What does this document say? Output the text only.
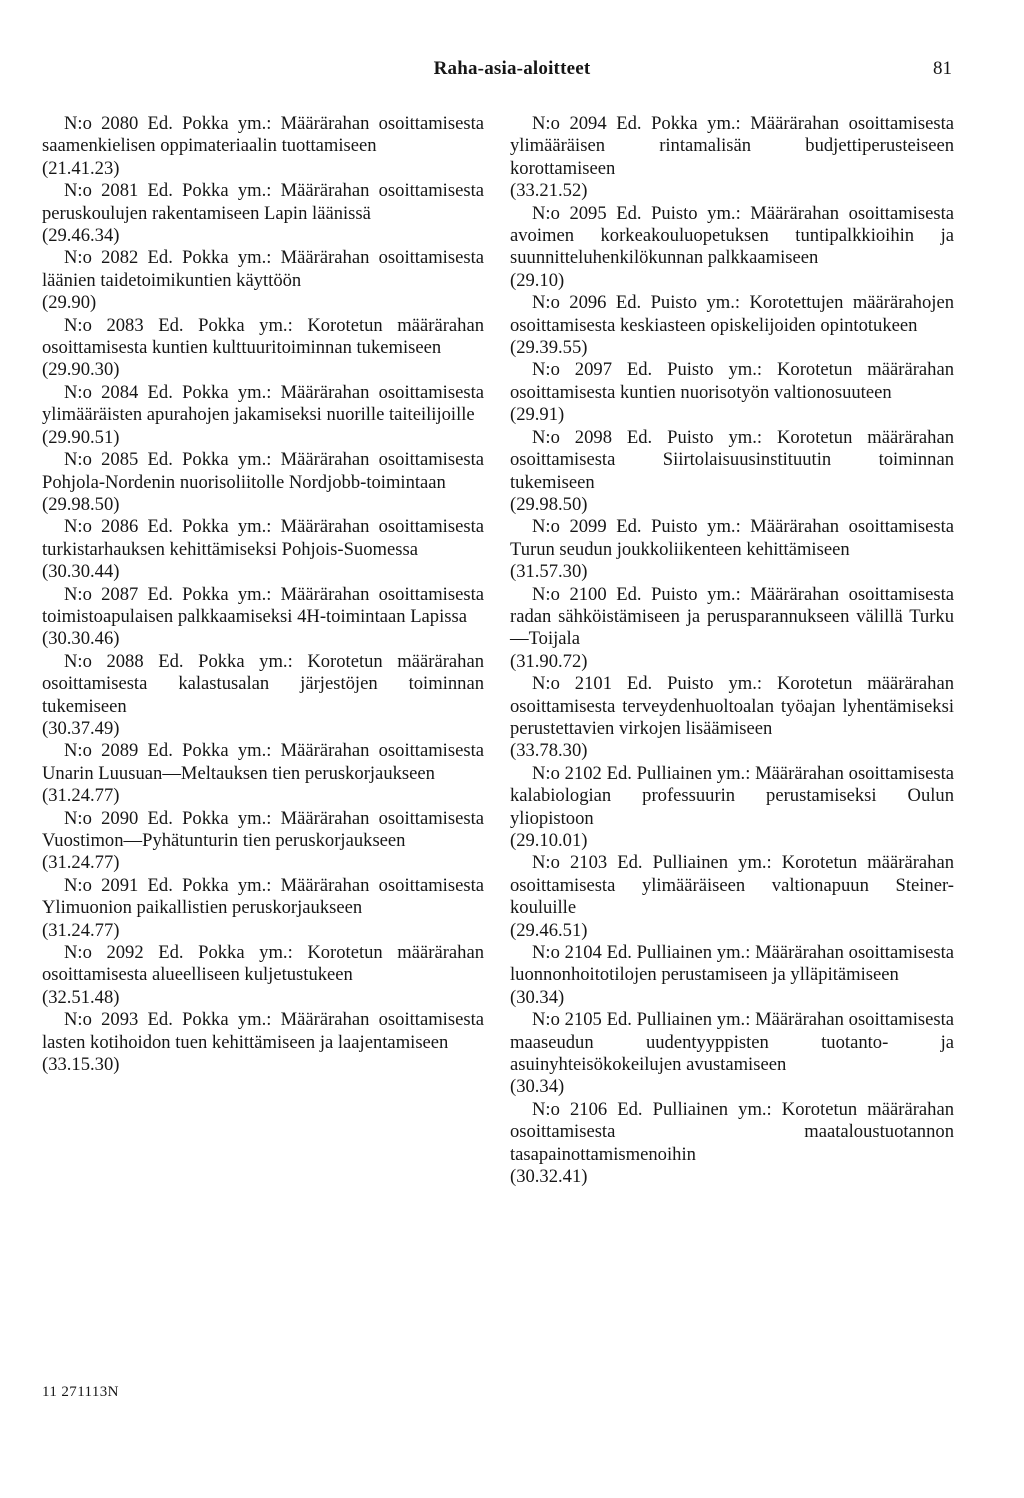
Raha-asia-aloitteet	81

N:o 2080 Ed. Pokka ym.: Määrärahan osoittamisesta saamenkielisen oppimateriaalin tuottamiseen

(21.41.23)

N:o 2081 Ed. Pokka ym.: Määrärahan osoittamisesta peruskoulujen rakentamiseen Lapin läänissä

(29.46.34)

N:o 2082 Ed. Pokka ym.: Määrärahan osoittamisesta läänien taidetoimikuntien käyttöön

(29.90)

N:o 2083 Ed. Pokka ym.: Korotetun määrärahan osoittamisesta kuntien kulttuuritoiminnan tukemiseen

(29.90.30)

N:o 2084 Ed. Pokka ym.: Määrärahan osoittamisesta ylimääräisten apurahojen jakamiseksi nuorille taiteilijoille

(29.90.51)

N:o 2085 Ed. Pokka ym.: Määrärahan osoittamisesta Pohjola-Nordenin nuorisoliitolle Nordjobb-toimintaan

(29.98.50)

N:o 2086 Ed. Pokka ym.: Määrärahan osoittamisesta turkistarhauksen kehittämiseksi Pohjois-Suomessa

(30.30.44)

N:o 2087 Ed. Pokka ym.: Määrärahan osoittamisesta toimistoapulaisen palkkaamiseksi 4H-toimintaan Lapissa

(30.30.46)

N:o 2088 Ed. Pokka ym.: Korotetun määrärahan osoittamisesta kalastusalan järjestöjen toiminnan tukemiseen

(30.37.49)

N:o 2089 Ed. Pokka ym.: Määrärahan osoittamisesta Unarin Luusuan—Meltauksen tien peruskorjaukseen

(31.24.77)

N:o 2090 Ed. Pokka ym.: Määrärahan osoittamisesta Vuostimon—Pyhätunturin tien peruskorjaukseen

(31.24.77)

N:o 2091 Ed. Pokka ym.: Määrärahan osoittamisesta Ylimuonion paikallistien peruskorjaukseen

(31.24.77)

N:o 2092 Ed. Pokka ym.: Korotetun määrärahan osoittamisesta alueelliseen kuljetustukeen

(32.51.48)

N:o 2093 Ed. Pokka ym.: Määrärahan osoittamisesta lasten kotihoidon tuen kehittämiseen ja laajentamiseen

(33.15.30)

N:o 2094 Ed. Pokka ym.: Määrärahan osoittamisesta ylimääräisen rintamalisän budjettiperusteiseen korottamiseen

(33.21.52)

N:o 2095 Ed. Puisto ym.: Määrärahan osoittamisesta avoimen korkeakouluopetuksen tuntipalkkioihin ja suunnitteluhenkilökunnan palkkaamiseen

(29.10)

N:o 2096 Ed. Puisto ym.: Korotettujen määrärahojen osoittamisesta keskiasteen opiskelijoiden opintotukeen

(29.39.55)

N:o 2097 Ed. Puisto ym.: Korotetun määrärahan osoittamisesta kuntien nuorisotyön valtionosuuteen

(29.91)

N:o 2098 Ed. Puisto ym.: Korotetun määrärahan osoittamisesta Siirtolaisuusinstituutin toiminnan tukemiseen

(29.98.50)

N:o 2099 Ed. Puisto ym.: Määrärahan osoittamisesta Turun seudun joukkoliikenteen kehittämiseen

(31.57.30)

N:o 2100 Ed. Puisto ym.: Määrärahan osoittamisesta radan sähköistämiseen ja perusparannukseen välillä Turku—Toijala

(31.90.72)

N:o 2101 Ed. Puisto ym.: Korotetun määrärahan osoittamisesta terveydenhuoltoalan työajan lyhentämiseksi perustettavien virkojen lisäämiseen

(33.78.30)

N:o 2102 Ed. Pulliainen ym.: Määrärahan osoittamisesta kalabiologian professuurin perustamiseksi Oulun yliopistoon

(29.10.01)

N:o 2103 Ed. Pulliainen ym.: Korotetun määrärahan osoittamisesta ylimääräiseen valtionapuun Steiner-kouluille

(29.46.51)

N:o 2104 Ed. Pulliainen ym.: Määrärahan osoittamisesta luonnonhoitotilojen perustamiseen ja ylläpitämiseen

(30.34)

N:o 2105 Ed. Pulliainen ym.: Määrärahan osoittamisesta maaseudun uudentyyppisten tuotanto- ja asuinyhteisökokeilujen avustamiseen

(30.34)

N:o 2106 Ed. Pulliainen ym.: Korotetun määrärahan osoittamisesta maataloustuotannon tasapainottamismenoihin

(30.32.41)

11 271113N
